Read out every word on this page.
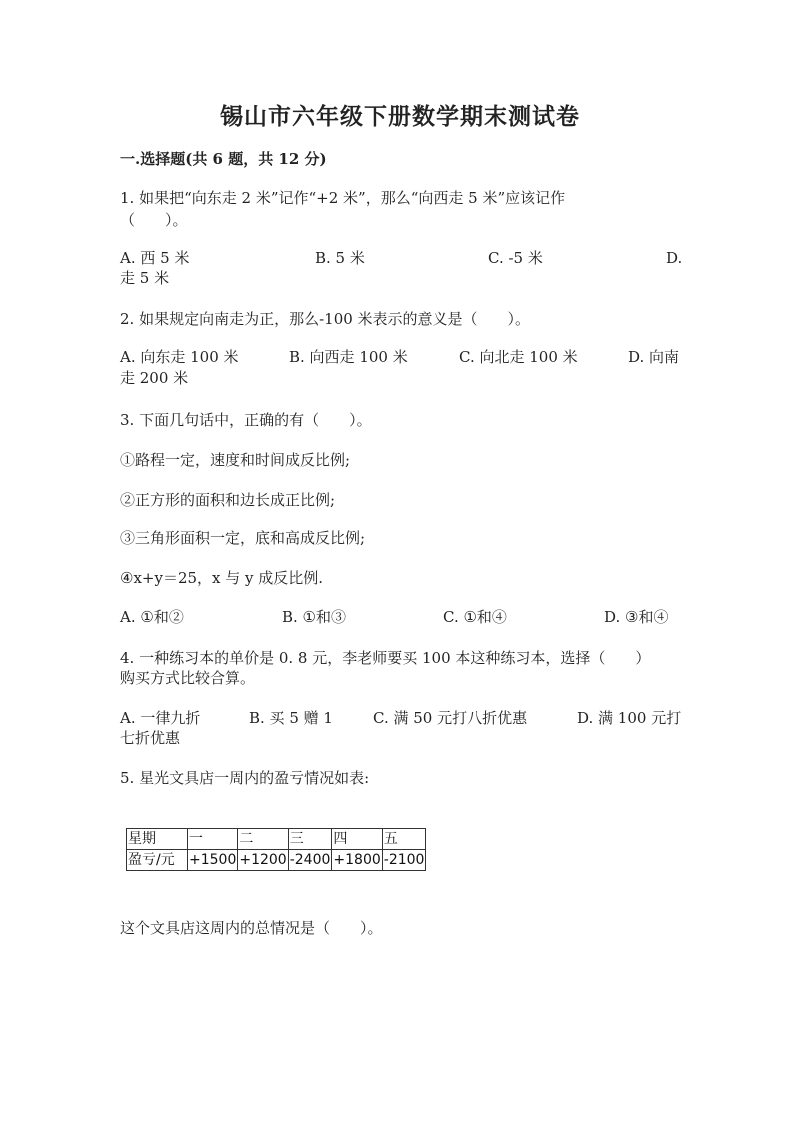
锡山市六年级下册数学期末测试卷
一.选择题(共 6 题，共 12 分)
1. 如果把“向东走 2 米”记作“+2 米”，那么“向西走 5 米”应该记作
（　　）。
A. 西 5 米	B. 5 米	C. -5 米	D.
走 5 米
2. 如果规定向南走为正，那么-100 米表示的意义是（　　）。
A. 向东走 100 米	B. 向西走 100 米	C. 向北走 100 米	D. 向南
走 200 米
3. 下面几句话中，正确的有（　　）。
①路程一定，速度和时间成反比例;
②正方形的面积和边长成正比例;
③三角形面积一定，底和高成反比例;
④x+y＝25，x 与 y 成反比例.
A. ①和②	B. ①和③	C. ①和④	D. ③和④
4. 一种练习本的单价是 0. 8 元，李老师要买 100 本这种练习本，选择（　　）
购买方式比较合算。
A. 一律九折	B. 买 5 赠 1	C. 满 50 元打八折优惠	D. 满 100 元打
七折优惠
5. 星光文具店一周内的盈亏情况如表:
星期	一	二	三	四	五
盈亏/元	+1500	+1200	-2400	+1800	-2100
这个文具店这周内的总情况是（　　）。
